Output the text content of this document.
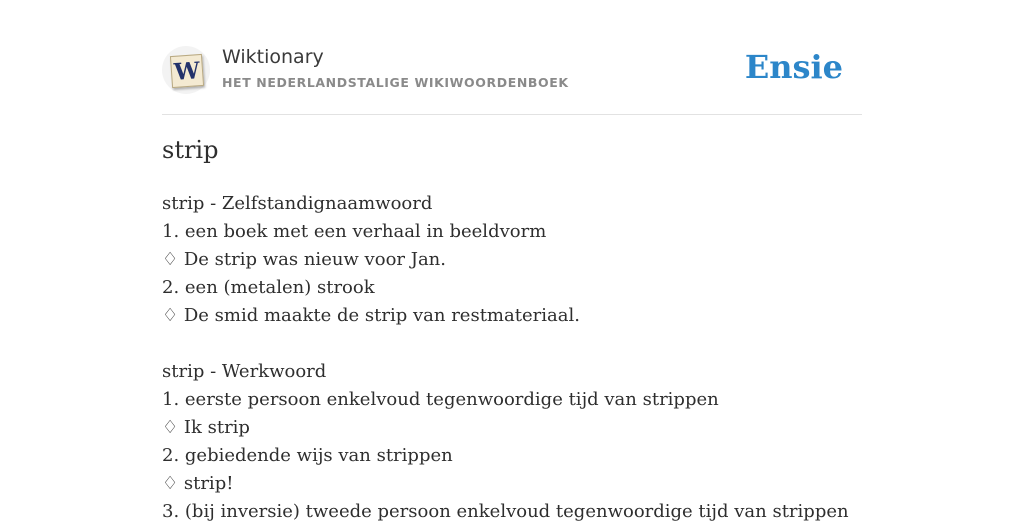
W
Wiktionary
HET NEDERLANDSTALIGE WIKIWOORDENBOEK	Ensie
strip
strip - Zelfstandignaamwoord
1. een boek met een verhaal in beeldvorm
♢ De strip was nieuw voor Jan.
2. een (metalen) strook
♢ De smid maakte de strip van restmateriaal.
strip - Werkwoord
1. eerste persoon enkelvoud tegenwoordige tijd van strippen
♢ Ik strip
2. gebiedende wijs van strippen
♢ strip!
3. (bij inversie) tweede persoon enkelvoud tegenwoordige tijd van strippen
